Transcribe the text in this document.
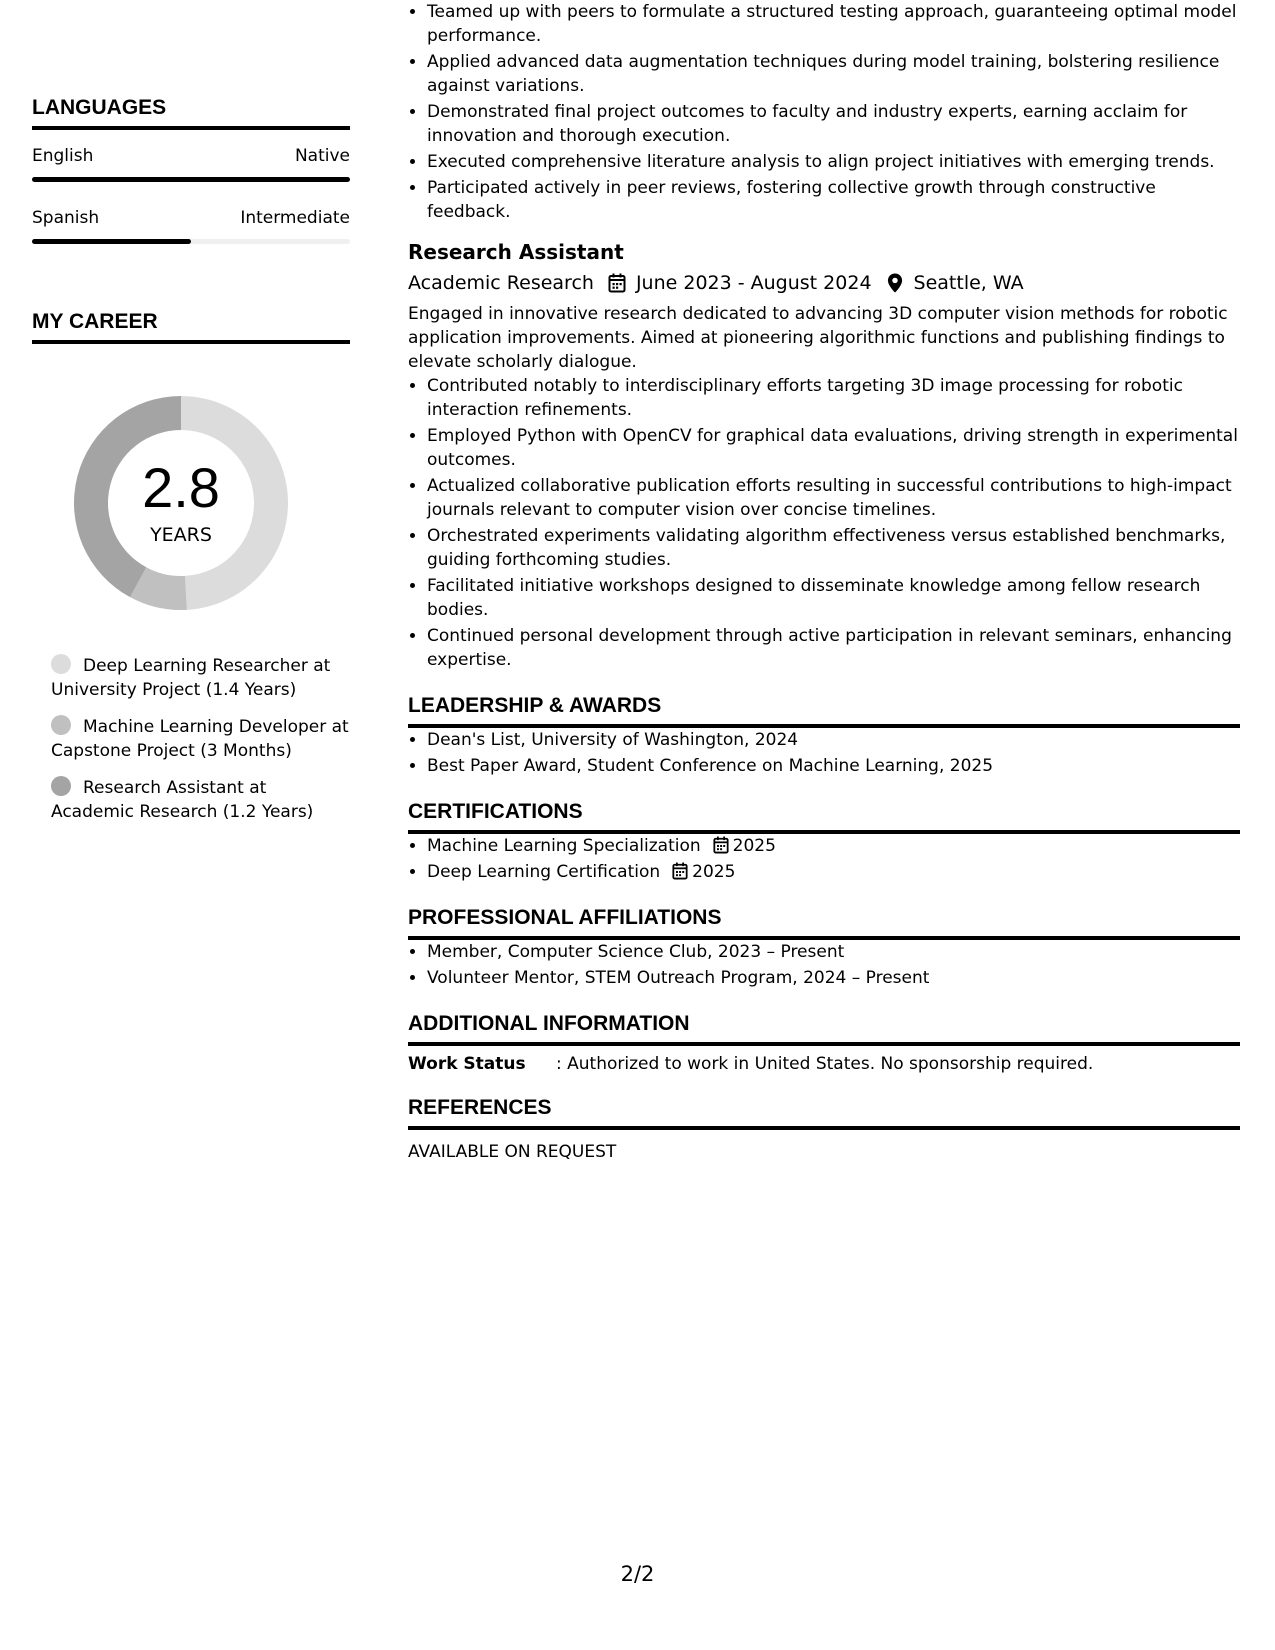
LANGUAGES
English	Native
Spanish	Intermediate
MY CAREER
2.8
YEARS
Deep Learning Researcher at University Project (1.4 Years)
Machine Learning Developer at Capstone Project (3 Months)
Research Assistant at Academic Research (1.2 Years)
• Teamed up with peers to formulate a structured testing approach, guaranteeing optimal model performance.
• Applied advanced data augmentation techniques during model training, bolstering resilience against variations.
• Demonstrated final project outcomes to faculty and industry experts, earning acclaim for innovation and thorough execution.
• Executed comprehensive literature analysis to align project initiatives with emerging trends.
• Participated actively in peer reviews, fostering collective growth through constructive feedback.
Research Assistant
Academic Research June 2023 - August 2024 Seattle, WA
Engaged in innovative research dedicated to advancing 3D computer vision methods for robotic application improvements. Aimed at pioneering algorithmic functions and publishing findings to elevate scholarly dialogue.
• Contributed notably to interdisciplinary efforts targeting 3D image processing for robotic interaction refinements.
• Employed Python with OpenCV for graphical data evaluations, driving strength in experimental outcomes.
• Actualized collaborative publication efforts resulting in successful contributions to high-impact journals relevant to computer vision over concise timelines.
• Orchestrated experiments validating algorithm effectiveness versus established benchmarks, guiding forthcoming studies.
• Facilitated initiative workshops designed to disseminate knowledge among fellow research bodies.
• Continued personal development through active participation in relevant seminars, enhancing expertise.
LEADERSHIP & AWARDS
• Dean's List, University of Washington, 2024
• Best Paper Award, Student Conference on Machine Learning, 2025
CERTIFICATIONS
• Machine Learning Specialization 2025
• Deep Learning Certification 2025
PROFESSIONAL AFFILIATIONS
• Member, Computer Science Club, 2023 – Present
• Volunteer Mentor, STEM Outreach Program, 2024 – Present
ADDITIONAL INFORMATION
Work Status	: Authorized to work in United States. No sponsorship required.
REFERENCES
AVAILABLE ON REQUEST
2/2
